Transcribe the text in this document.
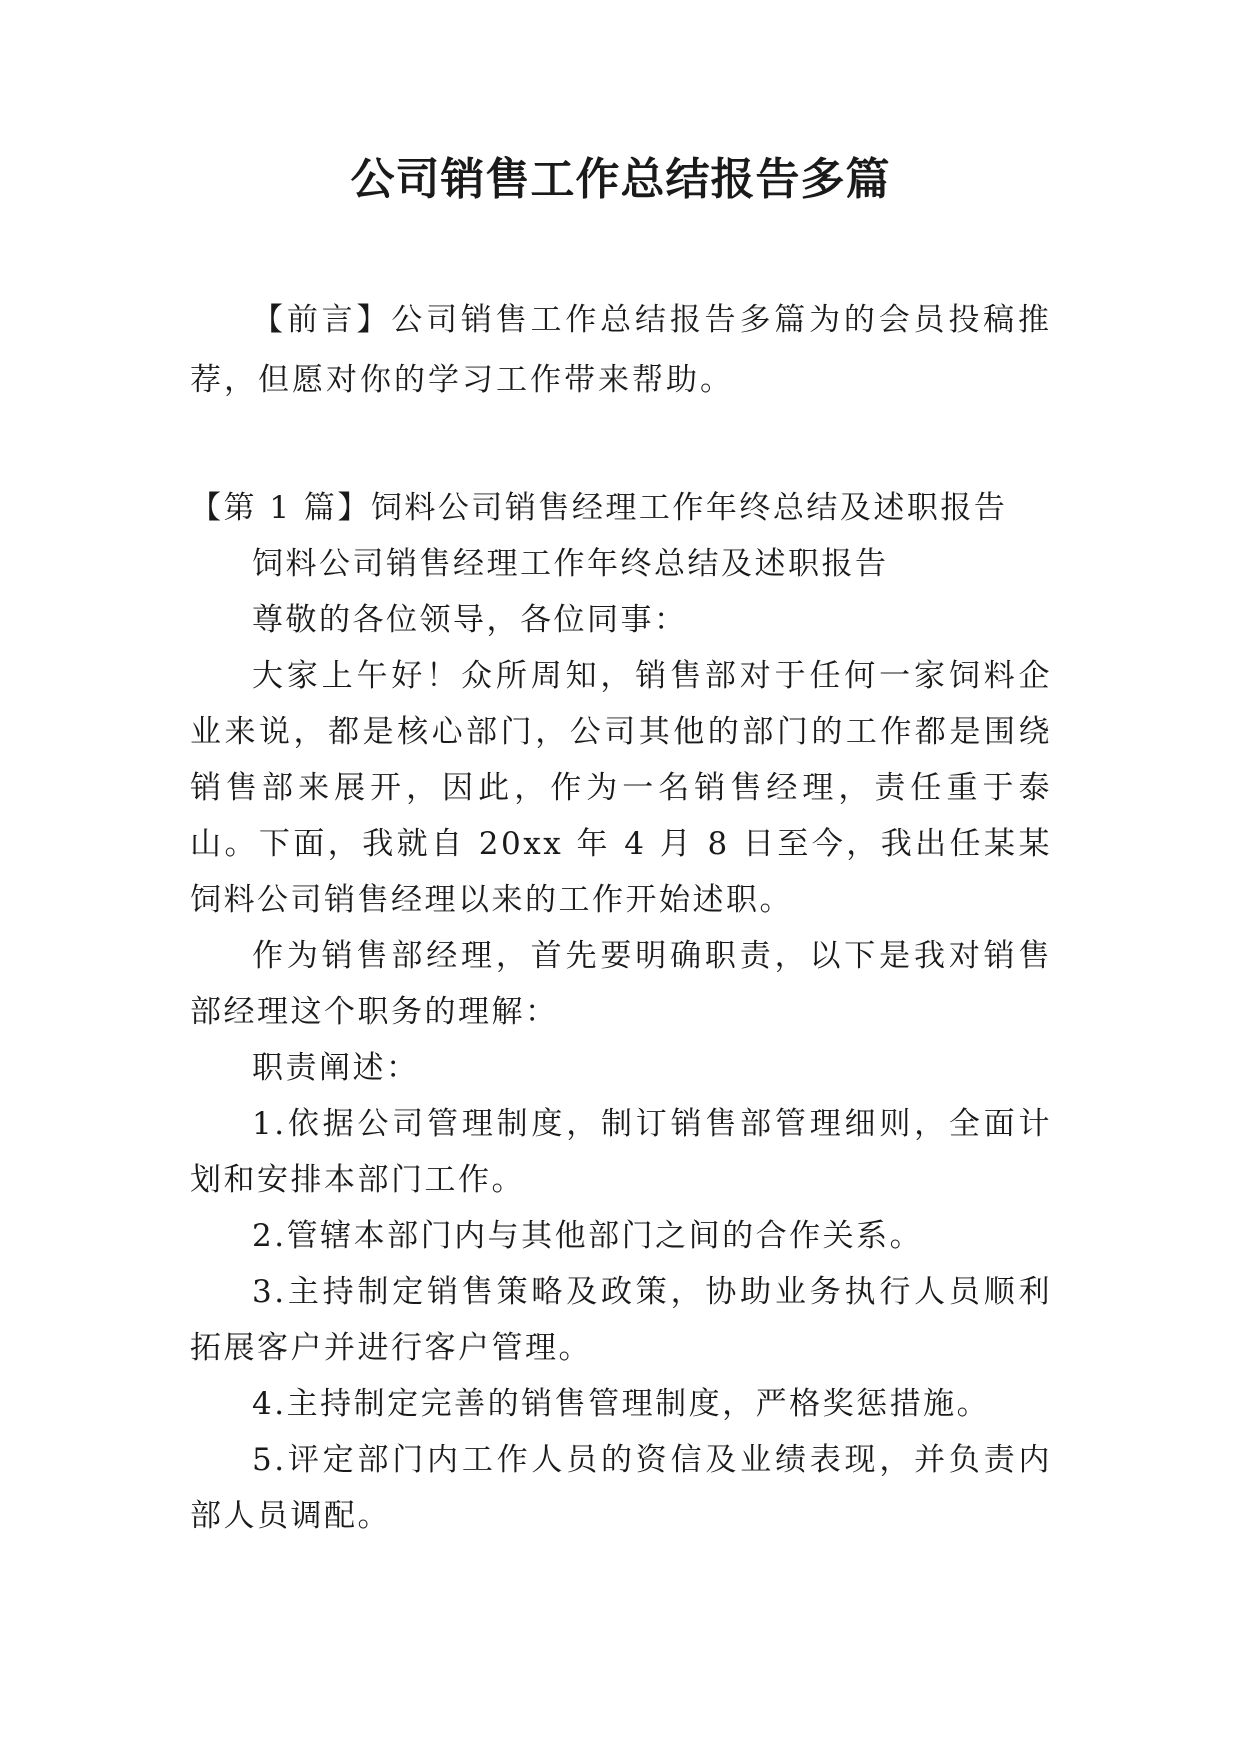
公司销售工作总结报告多篇

【前言】公司销售工作总结报告多篇为的会员投稿推荐，但愿对你的学习工作带来帮助。

【第 1 篇】饲料公司销售经理工作年终总结及述职报告

饲料公司销售经理工作年终总结及述职报告

尊敬的各位领导，各位同事：

大家上午好！众所周知，销售部对于任何一家饲料企业来说，都是核心部门，公司其他的部门的工作都是围绕销售部来展开，因此，作为一名销售经理，责任重于泰山。下面，我就自 20xx 年 4 月 8 日至今，我出任某某饲料公司销售经理以来的工作开始述职。

作为销售部经理，首先要明确职责，以下是我对销售部经理这个职务的理解：

职责阐述：

1.依据公司管理制度，制订销售部管理细则，全面计划和安排本部门工作。

2.管辖本部门内与其他部门之间的合作关系。

3.主持制定销售策略及政策，协助业务执行人员顺利拓展客户并进行客户管理。

4.主持制定完善的销售管理制度，严格奖惩措施。

5.评定部门内工作人员的资信及业绩表现，并负责内部人员调配。
